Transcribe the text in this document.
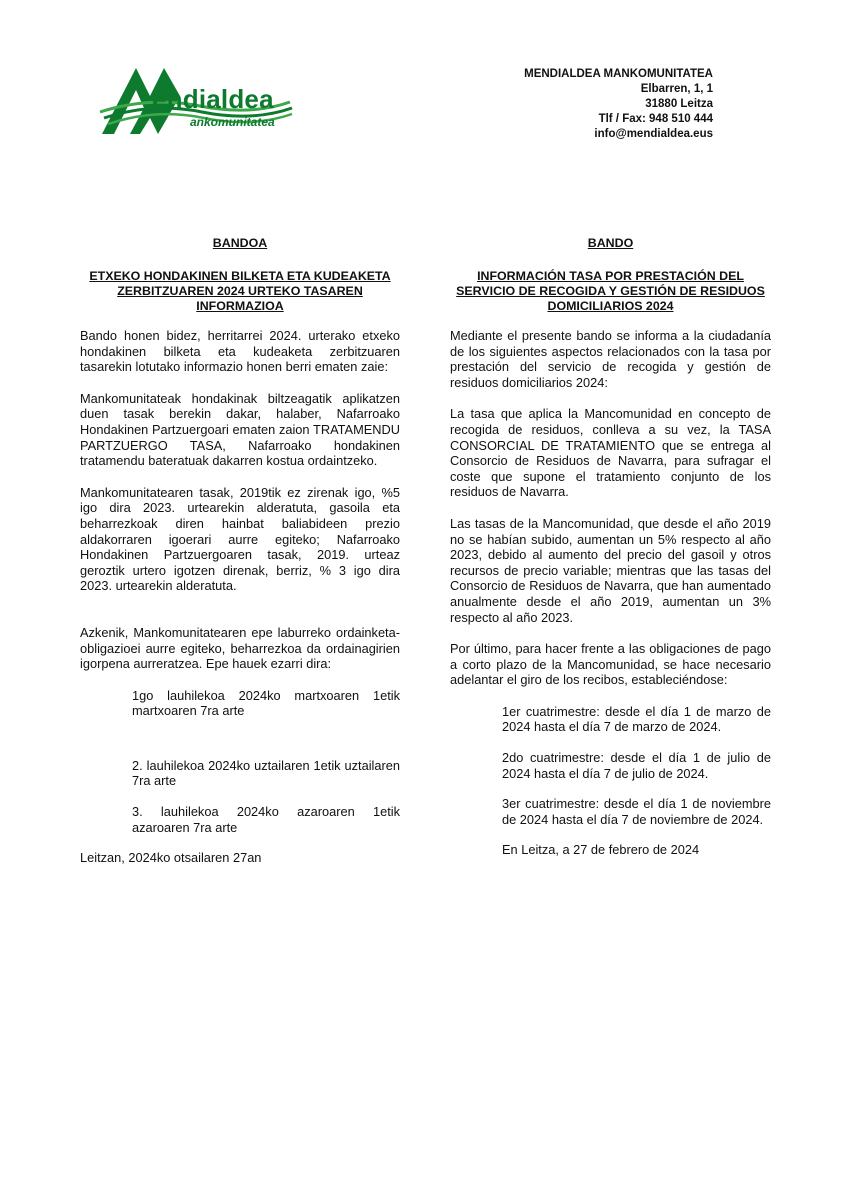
endialdea
ankomunitatea
MENDIALDEA MANKOMUNITATEA
Elbarren, 1, 1
31880 Leitza
Tlf / Fax: 948 510 444
info@mendialdea.eus
BANDOA
ETXEKO HONDAKINEN BILKETA ETA KUDEAKETA ZERBITZUAREN 2024 URTEKO TASAREN INFORMAZIOA

Bando honen bidez, herritarrei 2024. urterako etxeko hondakinen bilketa eta kudeaketa zerbitzuaren tasarekin lotutako informazio honen berri ematen zaie:

Mankomunitateak hondakinak biltzeagatik aplikatzen duen tasak berekin dakar, halaber, Nafarroako Hondakinen Partzuergoari ematen zaion TRATAMENDU PARTZUERGO TASA, Nafarroako hondakinen tratamendu bateratuak dakarren kostua ordaintzeko.

Mankomunitatearen tasak, 2019tik ez zirenak igo, %5 igo dira 2023. urtearekin alderatuta, gasoila eta beharrezkoak diren hainbat baliabideen prezio aldakorraren igoerari aurre egiteko; Nafarroako Hondakinen Partzuergoaren tasak, 2019. urteaz geroztik urtero igotzen direnak, berriz, % 3 igo dira 2023. urtearekin alderatuta.

Azkenik, Mankomunitatearen epe laburreko ordainketa-obligazioei aurre egiteko, beharrezkoa da ordainagirien igorpena aurreratzea. Epe hauek ezarri dira:

1go lauhilekoa 2024ko martxoaren 1etik martxoaren 7ra arte

2. lauhilekoa 2024ko uztailaren 1etik uztailaren 7ra arte

3. lauhilekoa 2024ko azaroaren 1etik azaroaren 7ra arte

Leitzan, 2024ko otsailaren 27an

BANDO
INFORMACIÓN TASA POR PRESTACIÓN DEL SERVICIO DE RECOGIDA Y GESTIÓN DE RESIDUOS DOMICILIARIOS 2024

Mediante el presente bando se informa a la ciudadanía de los siguientes aspectos relacionados con la tasa por prestación del servicio de recogida y gestión de residuos domiciliarios 2024:

La tasa que aplica la Mancomunidad en concepto de recogida de residuos, conlleva a su vez, la TASA CONSORCIAL DE TRATAMIENTO que se entrega al Consorcio de Residuos de Navarra, para sufragar el coste que supone el tratamiento conjunto de los residuos de Navarra.

Las tasas de la Mancomunidad, que desde el año 2019 no se habían subido, aumentan un 5% respecto al año 2023, debido al aumento del precio del gasoil y otros recursos de precio variable; mientras que las tasas del Consorcio de Residuos de Navarra, que han aumentado anualmente desde el año 2019, aumentan un 3% respecto al año 2023.

Por último, para hacer frente a las obligaciones de pago a corto plazo de la Mancomunidad, se hace necesario adelantar el giro de los recibos, estableciéndose:

1er cuatrimestre: desde el día 1 de marzo de 2024 hasta el día 7 de marzo de 2024.

2do cuatrimestre: desde el día 1 de julio de 2024 hasta el día 7 de julio de 2024.

3er cuatrimestre: desde el día 1 de noviembre de 2024 hasta el día 7 de noviembre de 2024.

En Leitza, a 27 de febrero de 2024
